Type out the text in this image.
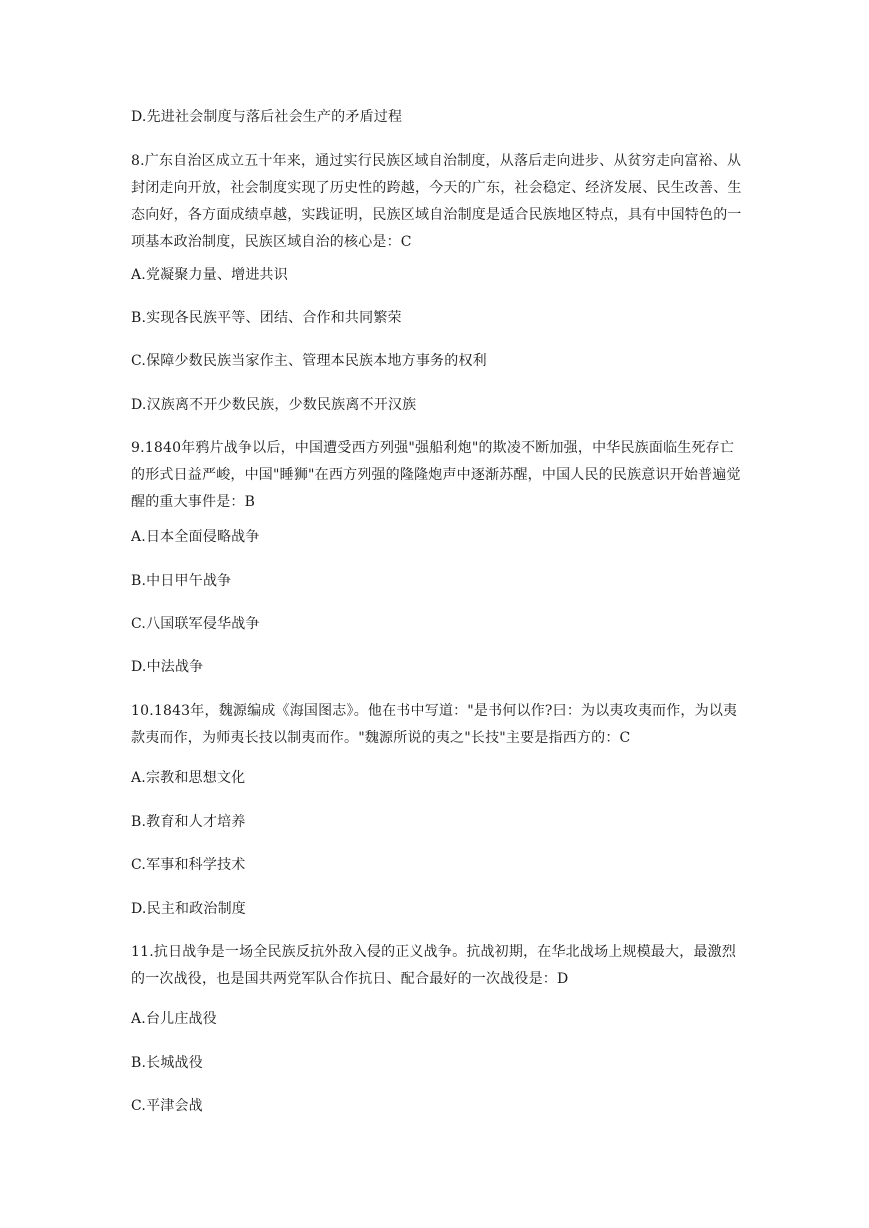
D.先进社会制度与落后社会生产的矛盾过程

8.广东自治区成立五十年来，通过实行民族区域自治制度，从落后走向进步、从贫穷走向富裕、从封闭走向开放，社会制度实现了历史性的跨越，今天的广东，社会稳定、经济发展、民生改善、生态向好，各方面成绩卓越，实践证明，民族区域自治制度是适合民族地区特点，具有中国特色的一项基本政治制度，民族区域自治的核心是：C

A.党凝聚力量、增进共识

B.实现各民族平等、团结、合作和共同繁荣

C.保障少数民族当家作主、管理本民族本地方事务的权利

D.汉族离不开少数民族，少数民族离不开汉族

9.1840年鸦片战争以后，中国遭受西方列强"强船利炮"的欺凌不断加强，中华民族面临生死存亡的形式日益严峻，中国"睡狮"在西方列强的隆隆炮声中逐渐苏醒，中国人民的民族意识开始普遍觉醒的重大事件是：B

A.日本全面侵略战争

B.中日甲午战争

C.八国联军侵华战争

D.中法战争

10.1843年，魏源编成《海国图志》。他在书中写道："是书何以作?曰：为以夷攻夷而作，为以夷款夷而作，为师夷长技以制夷而作。"魏源所说的夷之"长技"主要是指西方的：C

A.宗教和思想文化

B.教育和人才培养

C.军事和科学技术

D.民主和政治制度

11.抗日战争是一场全民族反抗外敌入侵的正义战争。抗战初期，在华北战场上规模最大，最激烈的一次战役，也是国共两党军队合作抗日、配合最好的一次战役是：D

A.台儿庄战役

B.长城战役

C.平津会战
